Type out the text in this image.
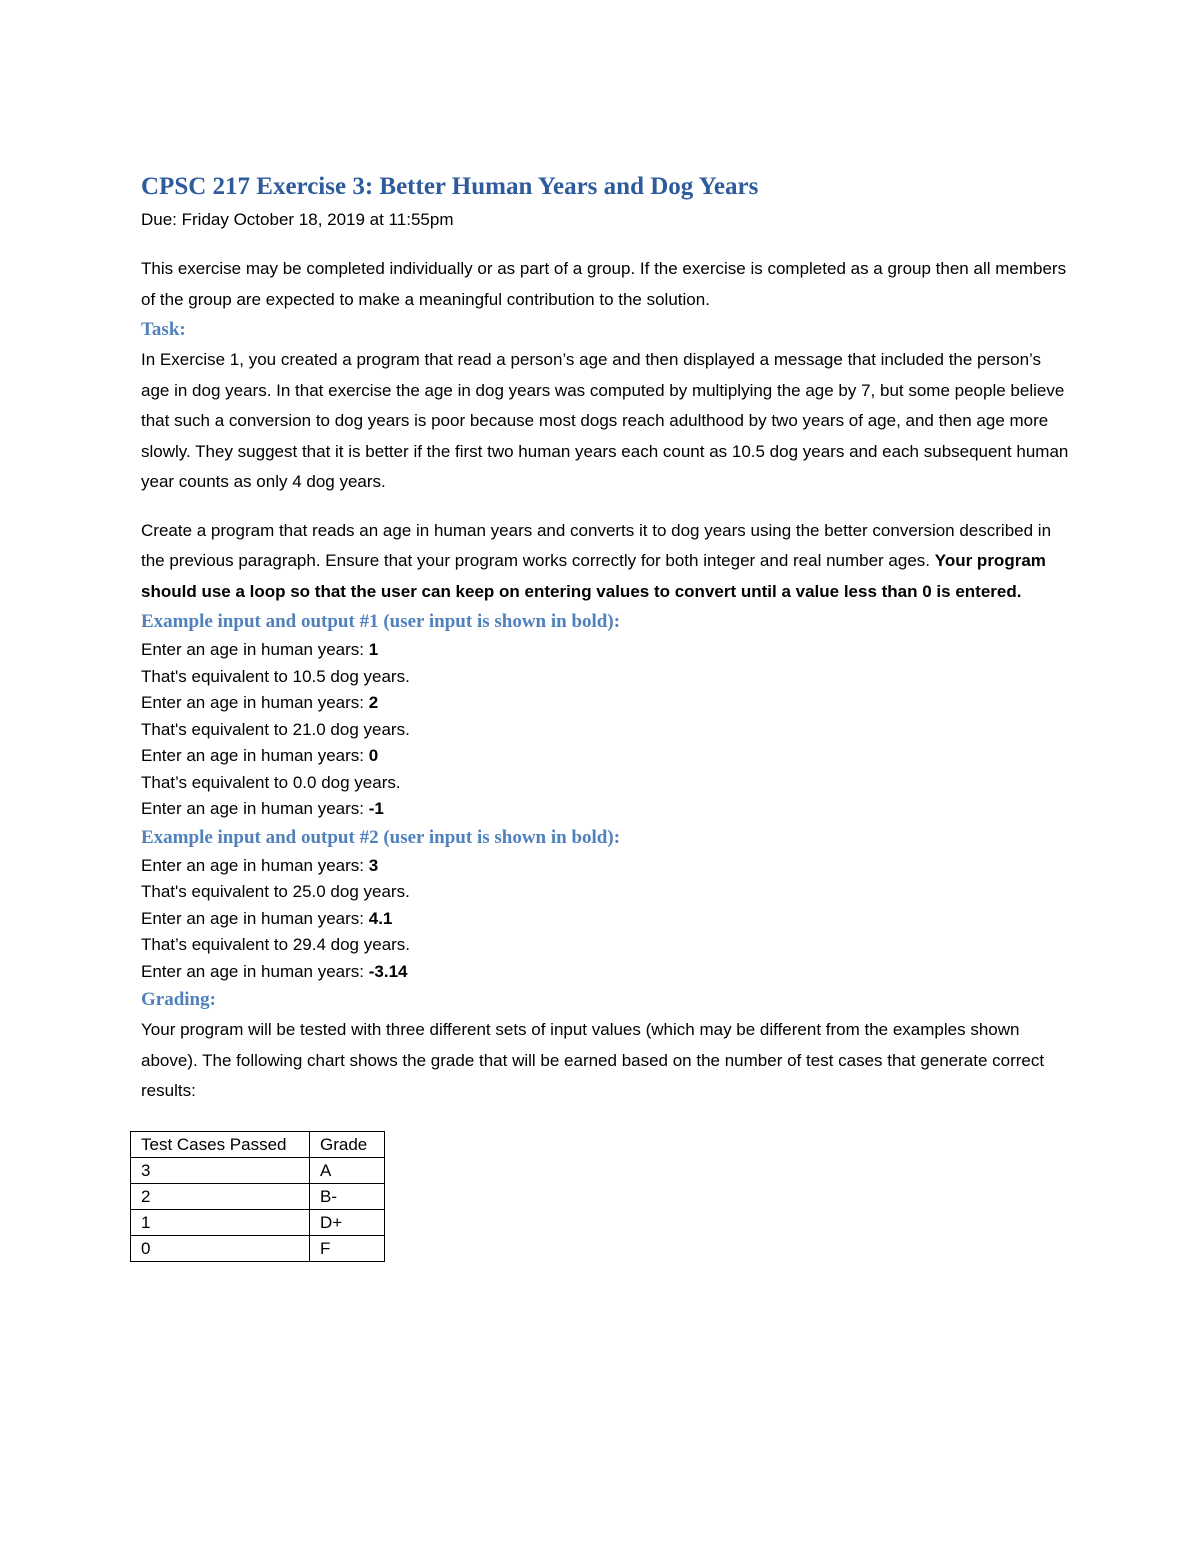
CPSC 217 Exercise 3: Better Human Years and Dog Years
Due: Friday October 18, 2019 at 11:55pm

This exercise may be completed individually or as part of a group. If the exercise is completed as a group then all members of the group are expected to make a meaningful contribution to the solution.

Task:

In Exercise 1, you created a program that read a person’s age and then displayed a message that included the person’s age in dog years. In that exercise the age in dog years was computed by multiplying the age by 7, but some people believe that such a conversion to dog years is poor because most dogs reach adulthood by two years of age, and then age more slowly. They suggest that it is better if the first two human years each count as 10.5 dog years and each subsequent human year counts as only 4 dog years.

Create a program that reads an age in human years and converts it to dog years using the better conversion described in the previous paragraph. Ensure that your program works correctly for both integer and real number ages. Your program should use a loop so that the user can keep on entering values to convert until a value less than 0 is entered.

Example input and output #1 (user input is shown in bold):
Enter an age in human years: 1
That's equivalent to 10.5 dog years.
Enter an age in human years: 2
That's equivalent to 21.0 dog years.
Enter an age in human years: 0
That’s equivalent to 0.0 dog years.
Enter an age in human years: -1
Example input and output #2 (user input is shown in bold):
Enter an age in human years: 3
That's equivalent to 25.0 dog years.
Enter an age in human years: 4.1
That’s equivalent to 29.4 dog years.
Enter an age in human years: -3.14
Grading:

Your program will be tested with three different sets of input values (which may be different from the examples shown above). The following chart shows the grade that will be earned based on the number of test cases that generate correct results:

Test Cases Passed	Grade
3	A
2	B-
1	D+
0	F
